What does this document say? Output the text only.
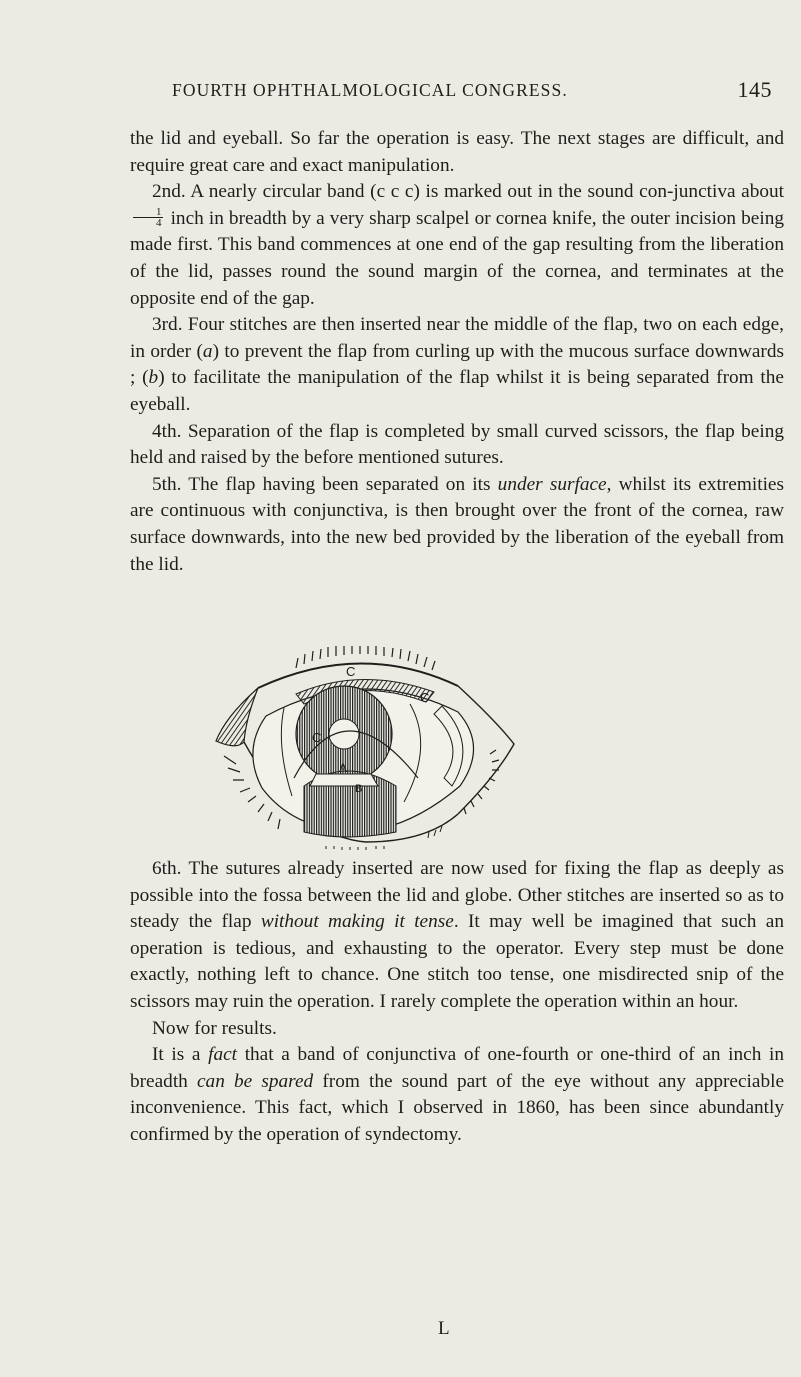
FOURTH OPHTHALMOLOGICAL CONGRESS.	145

the lid and eyeball. So far the operation is easy. The next stages are difficult, and require great care and exact manipulation.

2nd. A nearly circular band (c c c) is marked out in the sound con-junctiva about
$\frac{1}{4}$ inch in breadth by a very sharp scalpel or cornea knife, the outer incision being made first. This band commences at one end of the gap resulting from the liberation of the lid, passes round the sound margin of the cornea, and terminates at the opposite end of the gap.

3rd. Four stitches are then inserted near the middle of the flap, two on each edge, in order (a) to prevent the flap from curling up with the mucous surface downwards ; (b) to facilitate the manipulation of the flap whilst it is being separated from the eyeball.

4th. Separation of the flap is completed by small curved scissors, the flap being held and raised by the before mentioned sutures.

5th. The flap having been separated on its under surface, whilst its extremities are continuous with conjunctiva, is then brought over the front of the cornea, raw surface downwards, into the new bed provided by the liberation of the eyeball from the lid.

C
C
C
A
B

6th. The sutures already inserted are now used for fixing the flap as deeply as possible into the fossa between the lid and globe. Other stitches are inserted so as to steady the flap without making it tense. It may well be imagined that such an operation is tedious, and exhausting to the operator. Every step must be done exactly, nothing left to chance. One stitch too tense, one misdirected snip of the scissors may ruin the operation. I rarely complete the operation within an hour.

Now for results.

It is a fact that a band of conjunctiva of one-fourth or one-third of an inch in breadth can be spared from the sound part of the eye without any appreciable inconvenience. This fact, which I observed in 1860, has been since abundantly confirmed by the operation of syndectomy.

L
